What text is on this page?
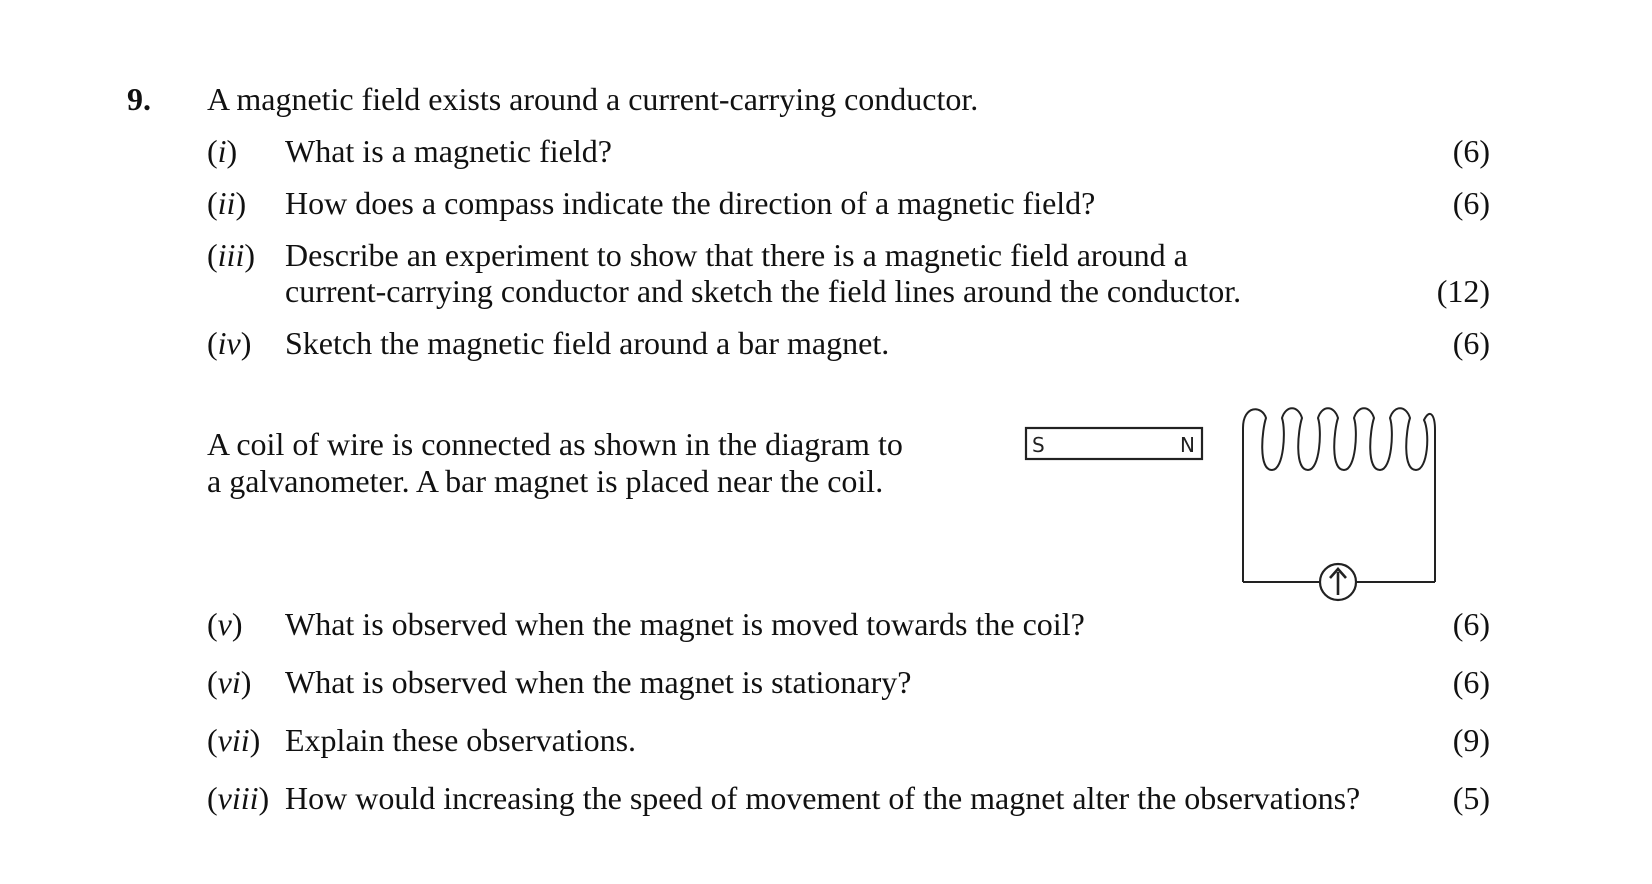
9. A magnetic field exists around a current-carrying conductor.
(i) What is a magnetic field?	(6)
(ii) How does a compass indicate the direction of a magnetic field?	(6)
(iii) Describe an experiment to show that there is a magnetic field around a
current-carrying conductor and sketch the field lines around the conductor.	(12)
(iv) Sketch the magnetic field around a bar magnet.	(6)
A coil of wire is connected as shown in the diagram to
a galvanometer. A bar magnet is placed near the coil.
S	N
(v) What is observed when the magnet is moved towards the coil?	(6)
(vi) What is observed when the magnet is stationary?	(6)
(vii) Explain these observations.	(9)
(viii) How would increasing the speed of movement of the magnet alter the observations?	(5)
